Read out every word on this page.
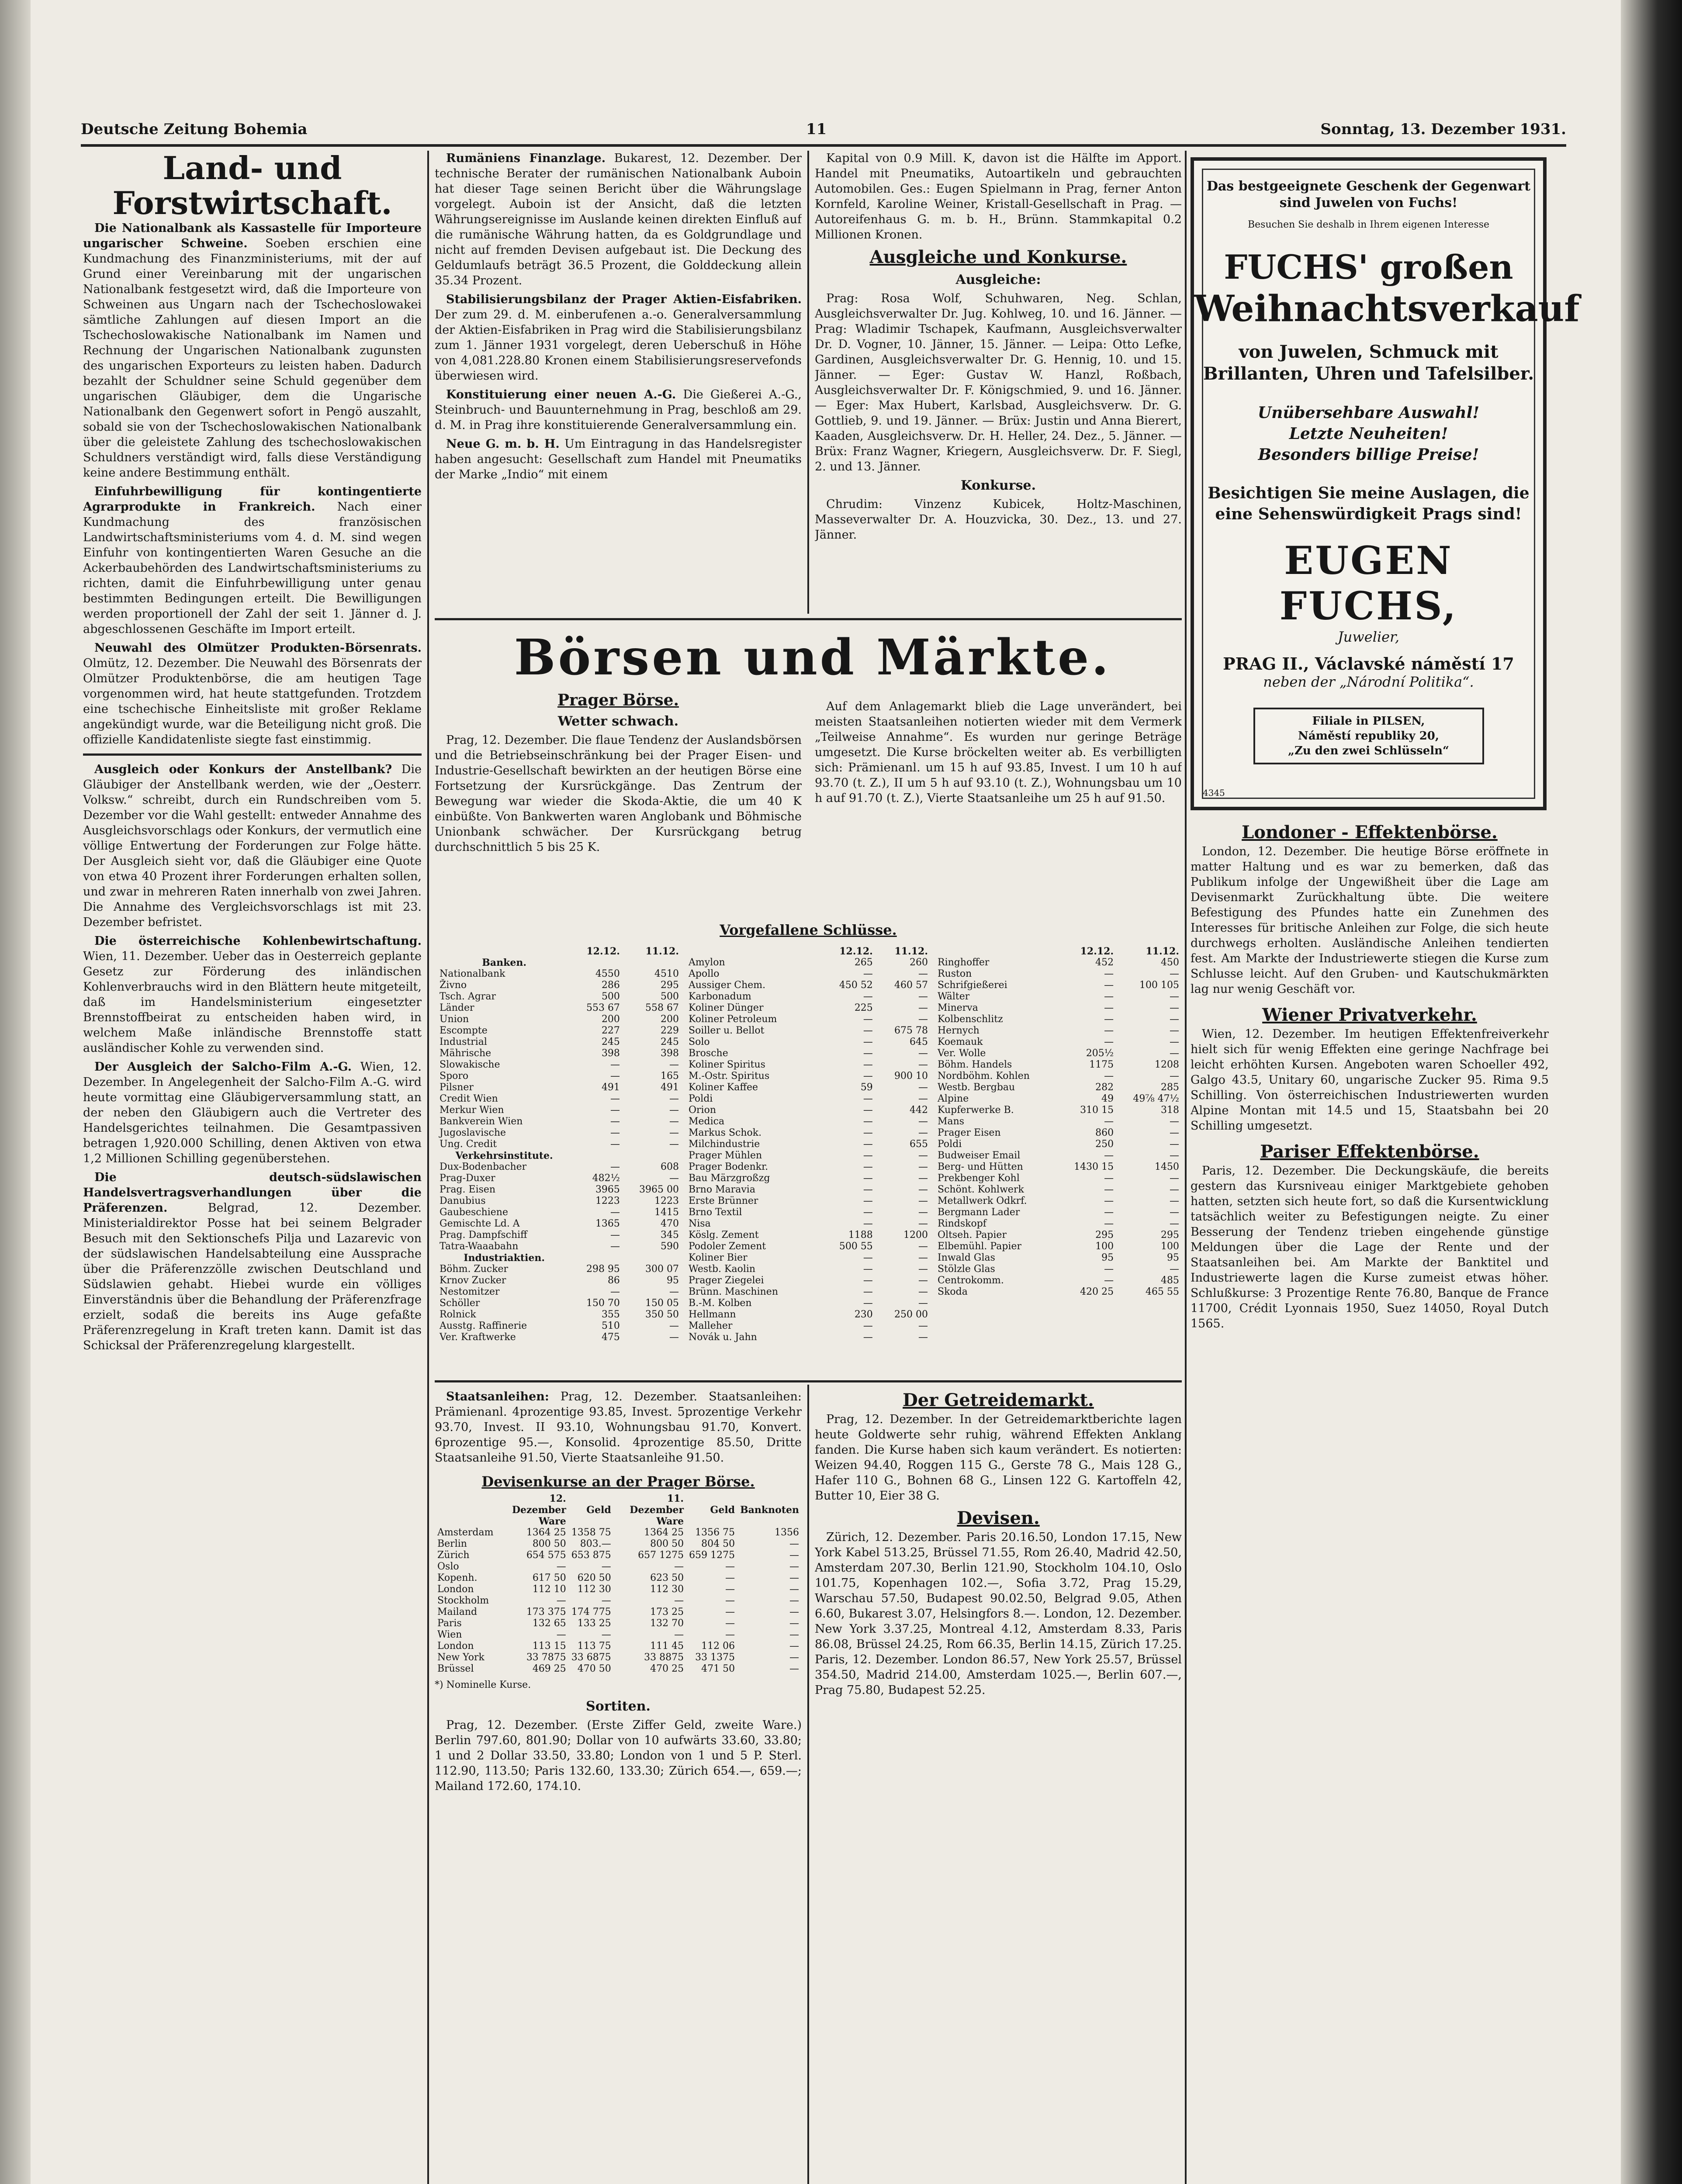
Deutsche Zeitung Bohemia	11	Sonntag, 13. Dezember 1931.
Land- und Forstwirtschaft.

Die Nationalbank als Kassastelle für Importeure ungarischer Schweine. Soeben erschien eine Kundmachung des Finanzministeriums, mit der auf Grund einer Vereinbarung mit der ungarischen Nationalbank festgesetzt wird, daß die Importeure von Schweinen aus Ungarn nach der Tschechoslowakei sämtliche Zahlungen auf diesen Import an die Tschechoslowakische Nationalbank im Namen und Rechnung der Ungarischen Nationalbank zugunsten des ungarischen Exporteurs zu leisten haben. Dadurch bezahlt der Schuldner seine Schuld gegenüber dem ungarischen Gläubiger, dem die Ungarische Nationalbank den Gegenwert sofort in Pengö auszahlt, sobald sie von der Tschechoslowakischen Nationalbank über die geleistete Zahlung des tschechoslowakischen Schuldners verständigt wird, falls diese Verständigung keine andere Bestimmung enthält.

Einfuhrbewilligung für kontingentierte Agrarprodukte in Frankreich. Nach einer Kundmachung des französischen Landwirtschaftsministeriums vom 4. d. M. sind wegen Einfuhr von kontingentierten Waren Gesuche an die Ackerbaubehörden des Landwirtschaftsministeriums zu richten, damit die Einfuhrbewilligung unter genau bestimmten Bedingungen erteilt. Die Bewilligungen werden proportionell der Zahl der seit 1. Jänner d. J. abgeschlossenen Geschäfte im Import erteilt.

Neuwahl des Olmützer Produkten-Börsenrats. Olmütz, 12. Dezember. Die Neuwahl des Börsenrats der Olmützer Produktenbörse, die am heutigen Tage vorgenommen wird, hat heute stattgefunden. Trotzdem eine tschechische Einheitsliste mit großer Reklame angekündigt wurde, war die Beteiligung nicht groß. Die offizielle Kandidatenliste siegte fast einstimmig.

Ausgleich oder Konkurs der Anstellbank? Die Gläubiger der Anstellbank werden, wie der „Oesterr. Volksw.“ schreibt, durch ein Rundschreiben vom 5. Dezember vor die Wahl gestellt: entweder Annahme des Ausgleichsvorschlags oder Konkurs, der vermutlich eine völlige Entwertung der Forderungen zur Folge hätte. Der Ausgleich sieht vor, daß die Gläubiger eine Quote von etwa 40 Prozent ihrer Forderungen erhalten sollen, und zwar in mehreren Raten innerhalb von zwei Jahren. Die Annahme des Vergleichsvorschlags ist mit 23. Dezember befristet.

Die österreichische Kohlenbewirtschaftung. Wien, 11. Dezember. Ueber das in Oesterreich geplante Gesetz zur Förderung des inländischen Kohlenverbrauchs wird in den Blättern heute mitgeteilt, daß im Handelsministerium eingesetzter Brennstoffbeirat zu entscheiden haben wird, in welchem Maße inländische Brennstoffe statt ausländischer Kohle zu verwenden sind.

Der Ausgleich der Salcho-Film A.-G. Wien, 12. Dezember. In Angelegenheit der Salcho-Film A.-G. wird heute vormittag eine Gläubigerversammlung statt, an der neben den Gläubigern auch die Vertreter des Handelsgerichtes teilnahmen. Die Gesamtpassiven betragen 1,920.000 Schilling, denen Aktiven von etwa 1,2 Millionen Schilling gegenüberstehen.

Die deutsch-südslawischen Handelsvertragsverhandlungen über die Präferenzen.	Belgrad, 12. Dezember. Ministerialdirektor Posse hat bei seinem Belgrader Besuch mit den Sektionschefs Pilja und Lazarevic von der südslawischen Handelsabteilung eine Aussprache über die Präferenzzölle zwischen Deutschland und Südslawien gehabt. Hiebei wurde ein völliges Einverständnis über die Behandlung der Präferenzfrage erzielt, sodaß die bereits ins Auge gefaßte Präferenzregelung in Kraft treten kann. Damit ist das Schicksal der Präferenzregelung klargestellt.

Rumäniens Finanzlage. Bukarest, 12. Dezember. Der technische Berater der rumänischen Nationalbank Auboin hat dieser Tage seinen Bericht über die Währungslage vorgelegt. Auboin ist der Ansicht, daß die letzten Währungsereignisse im Auslande keinen direkten Einfluß auf die rumänische Währung hatten, da es Goldgrundlage und nicht auf fremden Devisen aufgebaut ist. Die Deckung des Geldumlaufs beträgt 36.5 Prozent, die Golddeckung allein 35.34 Prozent.

Stabilisierungsbilanz der Prager Aktien-Eisfabriken. Der zum 29. d. M. einberufenen a.-o. Generalversammlung der Aktien-Eisfabriken in Prag wird die Stabilisierungsbilanz zum 1. Jänner 1931 vorgelegt, deren Ueberschuß in Höhe von 4,081.228.80 Kronen einem Stabilisierungsreservefonds überwiesen wird.

Konstituierung einer neuen A.-G. Die Gießerei A.-G., Steinbruch- und Bauunternehmung in Prag, beschloß am 29. d. M. in Prag ihre konstituierende Generalversammlung ein.

Neue G. m. b. H. Um Eintragung in das Handelsregister haben angesucht: Gesellschaft zum Handel mit Pneumatiks der Marke „Indio“ mit einem

Kapital von 0.9 Mill. K, davon ist die Hälfte im Apport. Handel mit Pneumatiks, Autoartikeln und gebrauchten Automobilen. Ges.: Eugen Spielmann in Prag, ferner Anton Kornfeld, Karoline Weiner, Kristall-Gesellschaft in Prag. — Autoreifenhaus G. m. b. H., Brünn. Stammkapital 0.2 Millionen Kronen.

Ausgleiche und Konkurse.
Ausgleiche:

Prag: Rosa Wolf, Schuhwaren, Neg. Schlan, Ausgleichsverwalter Dr. Jug. Kohlweg, 10. und 16. Jänner. — Prag: Wladimir Tschapek, Kaufmann, Ausgleichsverwalter Dr. D. Vogner, 10. Jänner, 15. Jänner. — Leipa: Otto Lefke, Gardinen, Ausgleichsverwalter Dr. G. Hennig, 10. und 15. Jänner. — Eger: Gustav W. Hanzl, Roßbach, Ausgleichsverwalter Dr. F. Königschmied, 9. und 16. Jänner. — Eger: Max Hubert, Karlsbad, Ausgleichsverw. Dr. G. Gottlieb, 9. und 19. Jänner. — Brüx: Justin und Anna Bierert, Kaaden, Ausgleichsverw. Dr. H. Heller, 24. Dez., 5. Jänner. — Brüx: Franz Wagner, Kriegern, Ausgleichsverw. Dr. F. Siegl, 2. und 13. Jänner.

Konkurse.

Chrudim: Vinzenz Kubicek, Holtz-Maschinen, Masseverwalter Dr. A. Houzvicka, 30. Dez., 13. und 27. Jänner.

Börsen und Märkte.
Prager Börse.
Wetter schwach.

Prag, 12. Dezember. Die flaue Tendenz der Auslandsbörsen und die Betriebseinschränkung bei der Prager Eisen- und Industrie-Gesellschaft bewirkten an der heutigen Börse eine Fortsetzung der Kursrückgänge. Das Zentrum der Bewegung war wieder die Skoda-Aktie, die um 40 K einbüßte. Von Bankwerten waren Anglobank und Böhmische Unionbank schwächer. Der Kursrückgang betrug durchschnittlich 5 bis 25 K.

Auf dem Anlagemarkt blieb die Lage unverändert, bei meisten Staatsanleihen notierten wieder mit dem Vermerk „Teilweise Annahme“. Es wurden nur geringe Beträge umgesetzt. Die Kurse bröckelten weiter ab. Es verbilligten sich: Prämienanl. um 15 h auf 93.85, Invest. I um 10 h auf 93.70 (t. Z.), II um 5 h auf 93.10 (t. Z.), Wohnungsbau um 10 h auf 91.70 (t. Z.), Vierte Staatsanleihe um 25 h auf 91.50.

Vorgefallene Schlüsse.
	12.12.	11.12.
Banken.		
Nationalbank	4550	4510
Živno	286	295
Tsch. Agrar	500	500
Länder	553 67	558 67
Union	200	200
Escompte	227	229
Industrial	245	245
Mährische	398	398
Slowakische	—	—
Sporo	—	165
Pilsner	491	491
Credit Wien	—	—
Merkur Wien	—	—
Bankverein Wien	—	—
Jugoslavische	—	—
Ung. Credit	—	—
Verkehrsinstitute.		
Dux-Bodenbacher	—	608
Prag-Duxer	482½	—
Prag. Eisen	3965	3965 00
Danubius	1223	1223
Gaubeschiene	—	1415
Gemischte Ld. A	1365	470
Prag. Dampfschiff	—	345
Tatra-Waaabahn	—	590
Industriaktien.		
Böhm. Zucker	298 95	300 07
Krnov Zucker	86	95
Nestomitzer	—	—
Schöller	150 70	150 05
Rolnick	355	350 50
Ausstg. Raffinerie	510	—
Ver. Kraftwerke	475	—
	12.12.	11.12.
Amylon	265	260
Apollo	—	—
Aussiger Chem.	450 52	460 57
Karbonadum	—	—
Koliner Dünger	225	—
Koliner Petroleum	—	—
Soiller u. Bellot	—	675 78
Solo	—	645
Brosche	—	—
Koliner Spiritus	—	—
M.-Ostr. Spiritus	—	900 10
Koliner Kaffee	59	—
Poldi	—	—
Orion	—	442
Medica	—	—
Markus Schok.	—	—
Milchindustrie	—	655
Prager Mühlen	—	—
Prager Bodenkr.	—	—
Bau Märzgroßzg	—	—
Brno Maravia	—	—
Erste Brünner	—	—
Brno Textil	—	—
Nisa	—	—
Köslg. Zement	1188	1200
Podoler Zement	500 55	—
Koliner Bier	—	—
Westb. Kaolin	—	—
Prager Ziegelei	—	—
Brünn. Maschinen	—	—
B.-M. Kolben	—	—
Hellmann	230	250 00
Malleher	—	—
Novák u. Jahn	—	—
	12.12.	11.12.
Ringhoffer	452	450
Ruston	—	—
Schrifgießerei	—	100 105
Wälter	—	—
Minerva	—	—
Kolbenschlitz	—	—
Hernych	—	—
Koemauk	—	—
Ver. Wolle	205½	—
Böhm. Handels	1175	1208
Nordböhm. Kohlen	—	—
Westb. Bergbau	282	285
Alpine	49	49⅞ 47½
Kupferwerke B.	310 15	318
Mans	—	—
Prager Eisen	860	—
Poldi	250	—
Budweiser Email	—	—
Berg- und Hütten	1430 15	1450
Prekbenger Kohl	—	—
Schönt. Kohlwerk	—	—
Metallwerk Odkrf.	—	—
Bergmann Lader	—	—
Rindskopf	—	—
Oltseh. Papier	295	295
Elbemühl. Papier	100	100
Inwald Glas	95	95
Stölzle Glas	—	—
Centrokomm.	—	485
Skoda	420 25	465 55

Staatsanleihen: Prag, 12. Dezember. Staatsanleihen: Prämienanl. 4prozentige 93.85, Invest. 5prozentige Verkehr 93.70, Invest. II 93.10, Wohnungsbau 91.70, Konvert. 6prozentige 95.—, Konsolid. 4prozentige 85.50, Dritte Staatsanleihe 91.50, Vierte Staatsanleihe 91.50.

Devisenkurse an der Prager Börse.
	12. Dezember Ware	Geld	11. Dezember Ware	Geld	Banknoten
Amsterdam	1364 25	1358 75	1364 25	1356 75	1356
Berlin	800 50	803.—	800 50	804 50	—
Zürich	654 575	653 875	657 1275	659 1275	—
Oslo	—	—	—	—	—
Kopenh.	617 50	620 50	623 50	—	—
London	112 10	112 30	112 30	—	—
Stockholm	—	—	—	—	—
Mailand	173 375	174 775	173 25	—	—
Paris	132 65	133 25	132 70	—	—
Wien	—	—	—	—	—
London	113 15	113 75	111 45	112 06	—
New York	33 7875	33 6875	33 8875	33 1375	—
Brüssel	469 25	470 50	470 25	471 50	—
*) Nominelle Kurse.
Sortiten.

Prag, 12. Dezember. (Erste Ziffer Geld, zweite Ware.) Berlin 797.60, 801.90; Dollar von 10 aufwärts 33.60, 33.80; 1 und 2 Dollar 33.50, 33.80; London von 1 und 5 P. Sterl. 112.90, 113.50; Paris 132.60, 133.30; Zürich 654.—, 659.—; Mailand 172.60, 174.10.

Der Getreidemarkt.

Prag, 12. Dezember. In der Getreidemarktberichte lagen heute Goldwerte sehr ruhig, während Effekten Anklang fanden. Die Kurse haben sich kaum verändert. Es notierten: Weizen 94.40, Roggen 115 G., Gerste 78 G., Mais 128 G., Hafer 110 G., Bohnen 68 G., Linsen 122 G. Kartoffeln 42, Butter 10, Eier 38 G.

Devisen.

Zürich, 12. Dezember. Paris 20.16.50, London 17.15, New York Kabel 513.25, Brüssel 71.55, Rom 26.40, Madrid 42.50, Amsterdam 207.30, Berlin 121.90, Stockholm 104.10, Oslo 101.75, Kopenhagen 102.—, Sofia 3.72, Prag 15.29, Warschau 57.50, Budapest 90.02.50, Belgrad 9.05, Athen 6.60, Bukarest 3.07, Helsingfors 8.—. London, 12. Dezember. New York 3.37.25, Montreal 4.12, Amsterdam 8.33, Paris 86.08, Brüssel 24.25, Rom 66.35, Berlin 14.15, Zürich 17.25. Paris, 12. Dezember. London 86.57, New York 25.57, Brüssel 354.50, Madrid 214.00, Amsterdam 1025.—, Berlin 607.—, Prag 75.80, Budapest 52.25.

Das bestgeeignete Geschenk der Gegenwart sind Juwelen von Fuchs!
Besuchen Sie deshalb in Ihrem eigenen Interesse
FUCHS' großen
Weihnachtsverkauf
von Juwelen, Schmuck mit Brillanten, Uhren und Tafelsilber.
Unübersehbare Auswahl!
Letzte Neuheiten!
Besonders billige Preise!
Besichtigen Sie meine Auslagen, die eine Sehenswürdigkeit Prags sind!
EUGEN FUCHS,
Juwelier,
PRAG II., Václavské náměstí 17
neben der „Národní Politika“.
Filiale in PILSEN,
Náměstí republiky 20,
„Zu den zwei Schlüsseln“
4345
Londoner - Effektenbörse.

London, 12. Dezember. Die heutige Börse eröffnete in matter Haltung und es war zu bemerken, daß das Publikum infolge der Ungewißheit über die Lage am Devisenmarkt Zurückhaltung übte. Die weitere Befestigung des Pfundes hatte ein Zunehmen des Interesses für britische Anleihen zur Folge, die sich heute durchwegs erholten. Ausländische Anleihen tendierten fest. Am Markte der Industriewerte stiegen die Kurse zum Schlusse leicht. Auf den Gruben- und Kautschukmärkten lag nur wenig Geschäft vor.

Wiener Privatverkehr.

Wien, 12. Dezember. Im heutigen Effektenfreiverkehr hielt sich für wenig Effekten eine geringe Nachfrage bei leicht erhöhten Kursen. Angeboten waren Schoeller 492, Galgo 43.5, Unitary 60, ungarische Zucker 95. Rima 9.5 Schilling. Von österreichischen Industriewerten wurden Alpine Montan mit 14.5 und 15, Staatsbahn bei 20 Schilling umgesetzt.

Pariser Effektenbörse.

Paris, 12. Dezember. Die Deckungskäufe, die bereits gestern das Kursniveau einiger Marktgebiete gehoben hatten, setzten sich heute fort, so daß die Kursentwicklung tatsächlich weiter zu Befestigungen neigte. Zu einer Besserung der Tendenz trieben eingehende günstige Meldungen über die Lage der Rente und der Staatsanleihen bei. Am Markte der Banktitel und Industriewerte lagen die Kurse zumeist etwas höher. Schlußkurse: 3 Prozentige Rente 76.80, Banque de France 11700, Crédit Lyonnais 1950, Suez 14050, Royal Dutch 1565.
